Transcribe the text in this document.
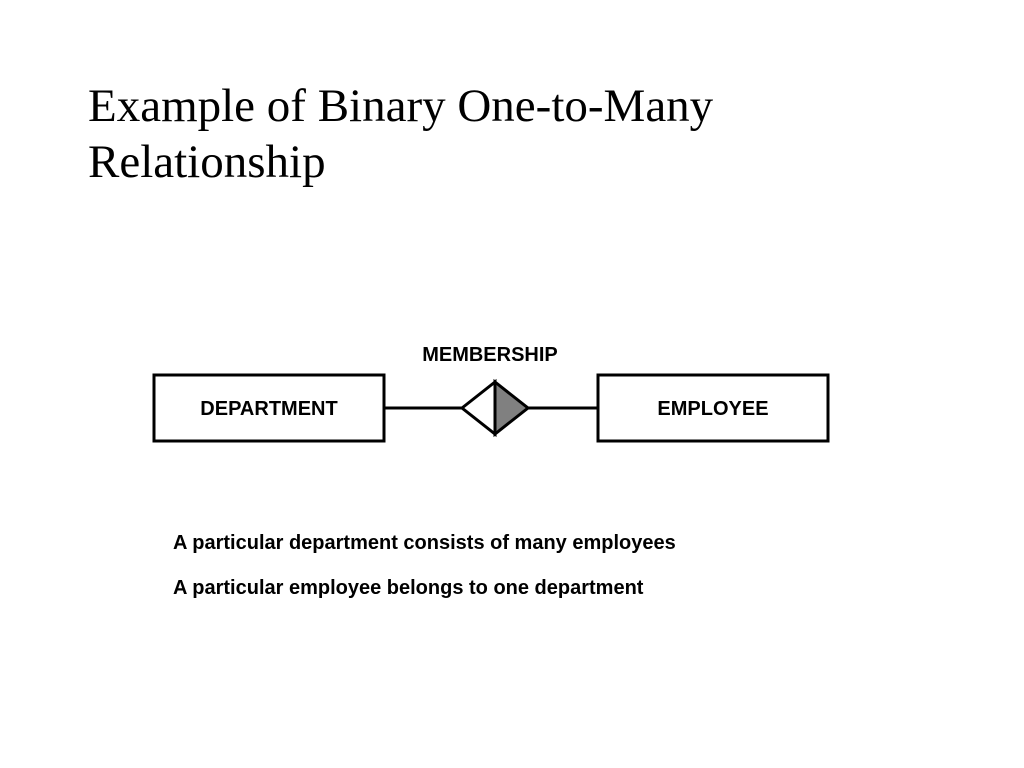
Example of Binary One-to-Many
Relationship
MEMBERSHIP
DEPARTMENT	EMPLOYEE

A particular department consists of many employees

A particular employee belongs to one department
